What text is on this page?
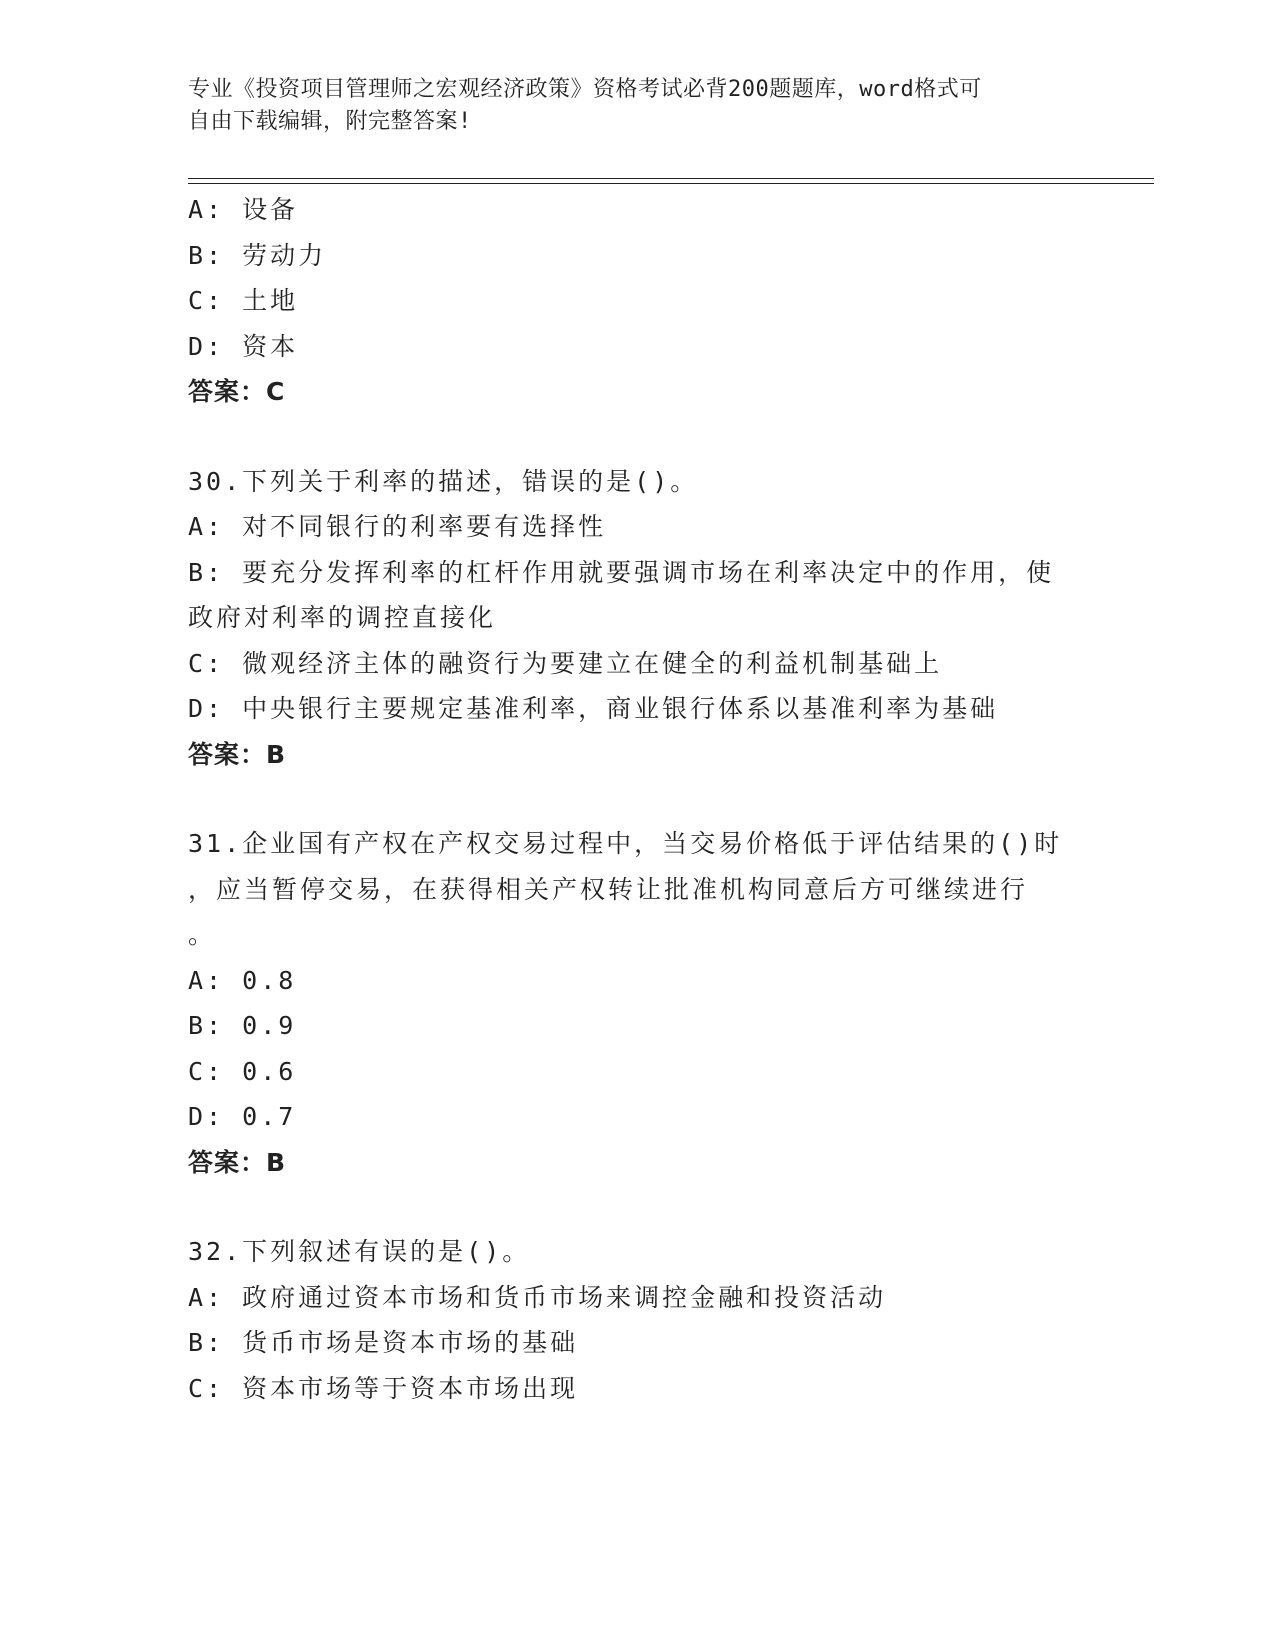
专业《投资项目管理师之宏观经济政策》资格考试必背200题题库，word格式可
自由下载编辑，附完整答案!
A: 设备
B: 劳动力
C: 土地
D: 资本
答案：C
30.下列关于利率的描述，错误的是()。
A: 对不同银行的利率要有选择性
B: 要充分发挥利率的杠杆作用就要强调市场在利率决定中的作用，使
政府对利率的调控直接化
C: 微观经济主体的融资行为要建立在健全的利益机制基础上
D: 中央银行主要规定基准利率，商业银行体系以基准利率为基础
答案：B
31.企业国有产权在产权交易过程中，当交易价格低于评估结果的()时
，应当暂停交易，在获得相关产权转让批准机构同意后方可继续进行
。
A: 0.8
B: 0.9
C: 0.6
D: 0.7
答案：B
32.下列叙述有误的是()。
A: 政府通过资本市场和货币市场来调控金融和投资活动
B: 货币市场是资本市场的基础
C: 资本市场等于资本市场出现
